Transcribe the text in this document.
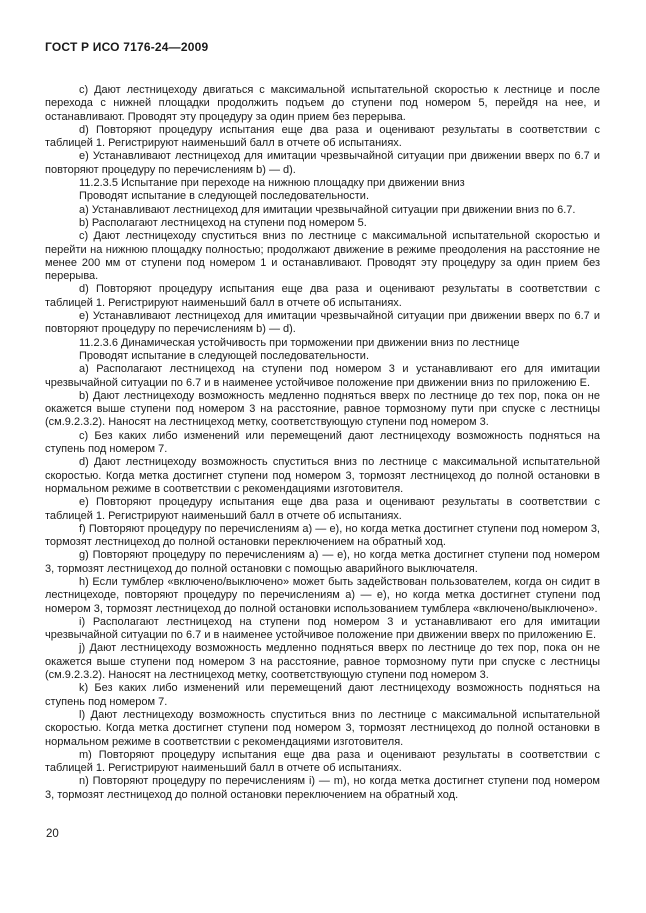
ГОСТ Р ИСО 7176-24—2009

c) Дают лестницеходу двигаться с максимальной испытательной скоростью к лестнице и после перехода с нижней площадки продолжить подъем до ступени под номером 5, перейдя на нее, и останавливают. Проводят эту процедуру за один прием без перерыва.

d) Повторяют процедуру испытания еще два раза и оценивают результаты в соответствии с таблицей 1. Регистрируют наименьший балл в отчете об испытаниях.

e) Устанавливают лестницеход для имитации чрезвычайной ситуации при движении вверх по 6.7 и повторяют процедуру по перечислениям b) — d).

11.2.3.5 Испытание при переходе на нижнюю площадку при движении вниз

Проводят испытание в следующей последовательности.

a) Устанавливают лестницеход для имитации чрезвычайной ситуации при движении вниз по 6.7.

b) Располагают лестницеход на ступени под номером 5.

c) Дают лестницеходу спуститься вниз по лестнице с максимальной испытательной скоростью и перейти на нижнюю площадку полностью; продолжают движение в режиме преодоления на расстояние не менее 200 мм от ступени под номером 1 и останавливают. Проводят эту процедуру за один прием без перерыва.

d) Повторяют процедуру испытания еще два раза и оценивают результаты в соответствии с таблицей 1. Регистрируют наименьший балл в отчете об испытаниях.

e) Устанавливают лестницеход для имитации чрезвычайной ситуации при движении вверх по 6.7 и повторяют процедуру по перечислениям b) — d).

11.2.3.6 Динамическая устойчивость при торможении при движении вниз по лестнице

Проводят испытание в следующей последовательности.

a) Располагают лестницеход на ступени под номером 3 и устанавливают его для имитации чрезвычайной ситуации по 6.7 и в наименее устойчивое положение при движении вниз по приложению Е.

b) Дают лестницеходу возможность медленно подняться вверх по лестнице до тех пор, пока он не окажется выше ступени под номером 3 на расстояние, равное тормозному пути при спуске с лестницы (см.9.2.3.2). Наносят на лестницеход метку, соответствующую ступени под номером 3.

c) Без каких либо изменений или перемещений дают лестницеходу возможность подняться на ступень под номером 7.

d) Дают лестницеходу возможность спуститься вниз по лестнице с максимальной испытательной скоростью. Когда метка достигнет ступени под номером 3, тормозят лестницеход до полной остановки в нормальном режиме в соответствии с рекомендациями изготовителя.

e) Повторяют процедуру испытания еще два раза и оценивают результаты в соответствии с таблицей 1. Регистрируют наименьший балл в отчете об испытаниях.

f) Повторяют процедуру по перечислениям a) — e), но когда метка достигнет ступени под номером 3, тормозят лестницеход до полной остановки переключением на обратный ход.

g) Повторяют процедуру по перечислениям a) — e), но когда метка достигнет ступени под номером 3, тормозят лестницеход до полной остановки с помощью аварийного выключателя.

h) Если тумблер «включено/выключено» может быть задействован пользователем, когда он сидит в лестницеходе, повторяют процедуру по перечислениям a) — e), но когда метка достигнет ступени под номером 3, тормозят лестницеход до полной остановки использованием тумблера «включено/выключено».

i) Располагают лестницеход на ступени под номером 3 и устанавливают его для имитации чрезвычайной ситуации по 6.7 и в наименее устойчивое положение при движении вверх по приложению Е.

j) Дают лестницеходу возможность медленно подняться вверх по лестнице до тех пор, пока он не окажется выше ступени под номером 3 на расстояние, равное тормозному пути при спуске с лестницы (см.9.2.3.2). Наносят на лестницеход метку, соответствующую ступени под номером 3.

k) Без каких либо изменений или перемещений дают лестницеходу возможность подняться на ступень под номером 7.

l) Дают лестницеходу возможность спуститься вниз по лестнице с максимальной испытательной скоростью. Когда метка достигнет ступени под номером 3, тормозят лестницеход до полной остановки в нормальном режиме в соответствии с рекомендациями изготовителя.

m) Повторяют процедуру испытания еще два раза и оценивают результаты в соответствии с таблицей 1. Регистрируют наименьший балл в отчете об испытаниях.

n) Повторяют процедуру по перечислениям i) — m), но когда метка достигнет ступени под номером 3, тормозят лестницеход до полной остановки переключением на обратный ход.

20
